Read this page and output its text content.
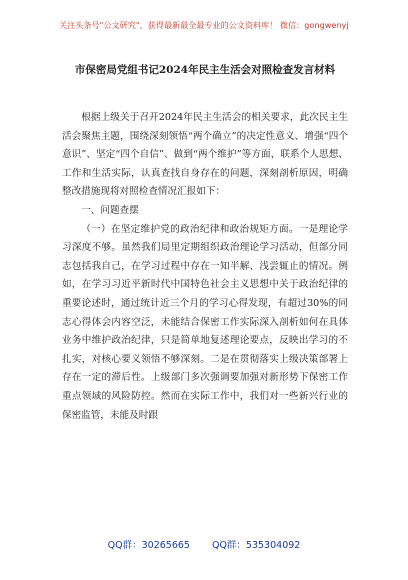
关注头条号"公文研究"，获得最新最全最专业的公文资料库！ 微信：gongwenyj
市保密局党组书记2024年民主生活会对照检查发言材料

根据上级关于召开2024年民主生活会的相关要求，此次民主生活会聚焦主题，围绕深刻领悟“两个确立”的决定性意义、增强“四个意识”、坚定“四个自信”、做到“两个维护”等方面，联系个人思想、工作和生活实际，认真查找自身存在的问题，深刻剖析原因，明确整改措施现将对照检查情况汇报如下：

一、问题查摆

（一）在坚定维护党的政治纪律和政治规矩方面。一是理论学习深度不够。虽然我们局里定期组织政治理论学习活动，但部分同志包括我自己，在学习过程中存在一知半解、浅尝辄止的情况。例如，在学习习近平新时代中国特色社会主义思想中关于政治纪律的重要论述时，通过统计近三个月的学习心得发现，有超过30%的同志心得体会内容空泛，未能结合保密工作实际深入剖析如何在具体业务中维护政治纪律，只是简单地复述理论要点，反映出学习的不扎实，对核心要义领悟不够深刻。二是在贯彻落实上级决策部署上存在一定的滞后性。上级部门多次强调要加强对新形势下保密工作重点领域的风险防控。然而在实际工作中，我们对一些新兴行业的保密监管，未能及时跟

QQ群：30265665 QQ群：535304092
